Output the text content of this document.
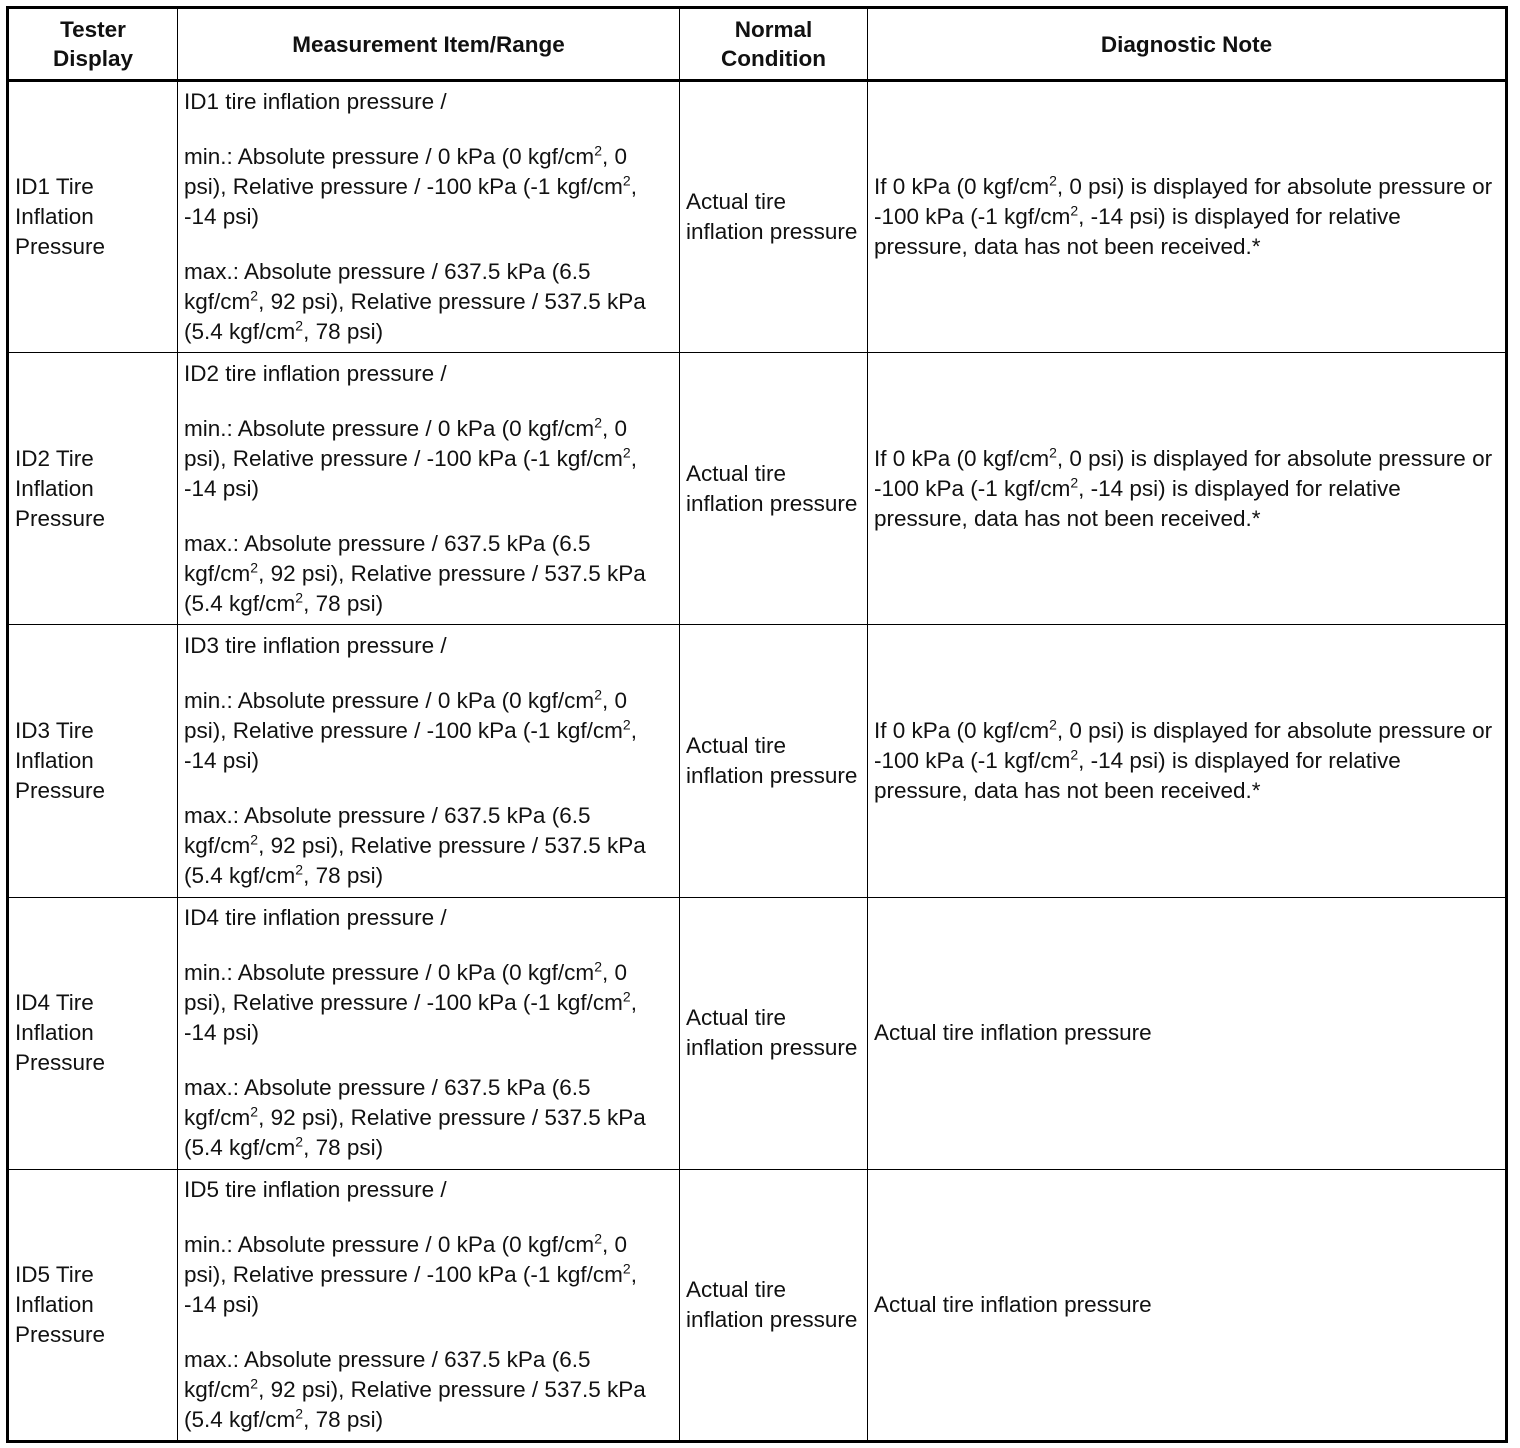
Tester Display	Measurement Item/Range	Normal Condition	Diagnostic Note
ID1 Tire Inflation Pressure	ID1 tire inflation pressure /

min.: Absolute pressure / 0 kPa (0 kgf/$cm^2$, 0 psi), Relative pressure / -100 kPa (-1 kgf/$cm^2$, -14 psi)

max.: Absolute pressure / 637.5 kPa (6.5 kgf/$cm^2$, 92 psi), Relative pressure / 537.5 kPa (5.4 kgf/$cm^2$, 78 psi)	Actual tire inflation pressure	If 0 kPa (0 kgf/$cm^2$, 0 psi) is displayed for absolute pressure or -100 kPa (-1 kgf/$cm^2$, -14 psi) is displayed for relative pressure, data has not been received.*
ID2 Tire Inflation Pressure	ID2 tire inflation pressure /

min.: Absolute pressure / 0 kPa (0 kgf/$cm^2$, 0 psi), Relative pressure / -100 kPa (-1 kgf/$cm^2$, -14 psi)

max.: Absolute pressure / 637.5 kPa (6.5 kgf/$cm^2$, 92 psi), Relative pressure / 537.5 kPa (5.4 kgf/$cm^2$, 78 psi)	Actual tire inflation pressure	If 0 kPa (0 kgf/$cm^2$, 0 psi) is displayed for absolute pressure or -100 kPa (-1 kgf/$cm^2$, -14 psi) is displayed for relative pressure, data has not been received.*
ID3 Tire Inflation Pressure	ID3 tire inflation pressure /

min.: Absolute pressure / 0 kPa (0 kgf/$cm^2$, 0 psi), Relative pressure / -100 kPa (-1 kgf/$cm^2$, -14 psi)

max.: Absolute pressure / 637.5 kPa (6.5 kgf/$cm^2$, 92 psi), Relative pressure / 537.5 kPa (5.4 kgf/$cm^2$, 78 psi)	Actual tire inflation pressure	If 0 kPa (0 kgf/$cm^2$, 0 psi) is displayed for absolute pressure or -100 kPa (-1 kgf/$cm^2$, -14 psi) is displayed for relative pressure, data has not been received.*
ID4 Tire Inflation Pressure	ID4 tire inflation pressure /

min.: Absolute pressure / 0 kPa (0 kgf/$cm^2$, 0 psi), Relative pressure / -100 kPa (-1 kgf/$cm^2$, -14 psi)

max.: Absolute pressure / 637.5 kPa (6.5 kgf/$cm^2$, 92 psi), Relative pressure / 537.5 kPa (5.4 kgf/$cm^2$, 78 psi)	Actual tire inflation pressure	Actual tire inflation pressure
ID5 Tire Inflation Pressure	ID5 tire inflation pressure /

min.: Absolute pressure / 0 kPa (0 kgf/$cm^2$, 0 psi), Relative pressure / -100 kPa (-1 kgf/$cm^2$, -14 psi)

max.: Absolute pressure / 637.5 kPa (6.5 kgf/$cm^2$, 92 psi), Relative pressure / 537.5 kPa (5.4 kgf/$cm^2$, 78 psi)	Actual tire inflation pressure	Actual tire inflation pressure
